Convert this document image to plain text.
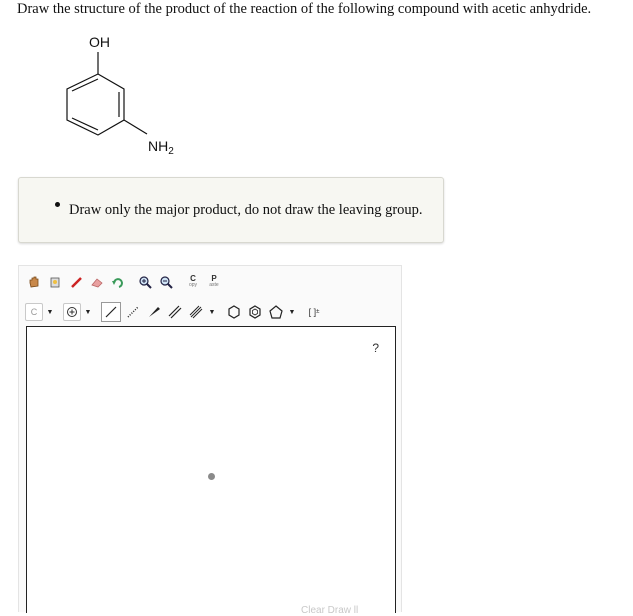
Draw the structure of the product of the reaction of the following compound with acetic anhydride.
OH
$NH_2$
Draw only the major product, do not draw the leaving group.
C
opy
P
aste
C	▼	▼	▼	▼ [ ] ±
?
Clear Draw ll
